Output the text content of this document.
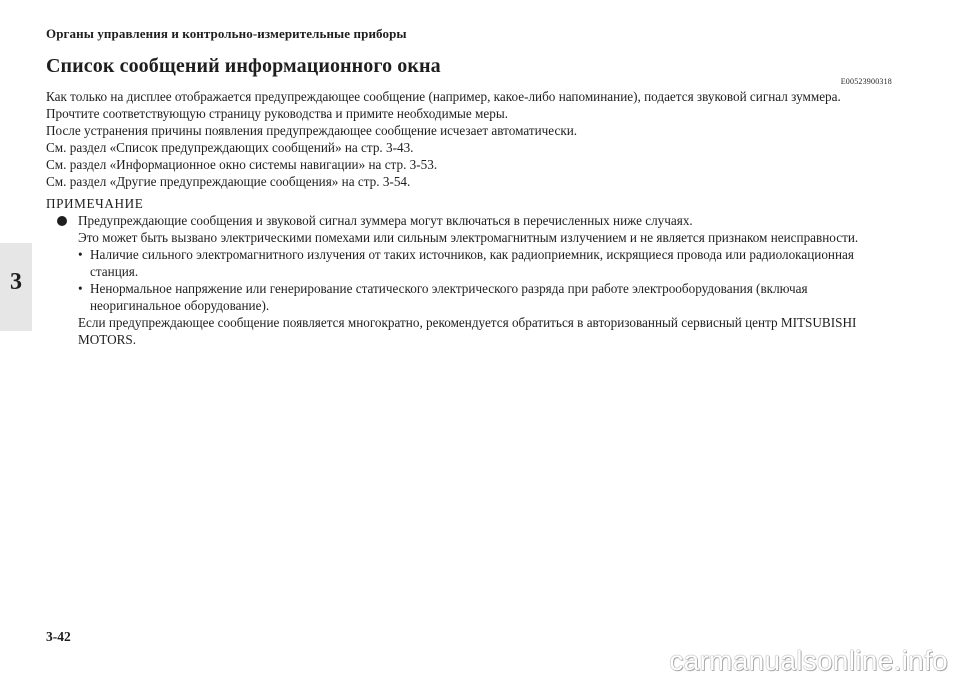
Органы управления и контрольно-измерительные приборы
Список сообщений информационного окна
E00523900318

Как только на дисплее отображается предупреждающее сообщение (например, какое-либо напоминание), подается звуковой сигнал зуммера.

Прочтите соответствующую страницу руководства и примите необходимые меры.

После устранения причины появления предупреждающее сообщение исчезает автоматически.

См. раздел «Список предупреждающих сообщений» на стр. 3-43.

См. раздел «Информационное окно системы навигации» на стр. 3-53.

См. раздел «Другие предупреждающие сообщения» на стр. 3-54.

ПРИМЕЧАНИЕ

Предупреждающие сообщения и звуковой сигнал зуммера могут включаться в перечисленных ниже случаях.

Это может быть вызвано электрическими помехами или сильным электромагнитным излучением и не является признаком неисправности.

• Наличие сильного электромагнитного излучения от таких источников, как радиоприемник, искрящиеся провода или радиолокационная станция.
• Ненормальное напряжение или генерирование статического электрического разряда при работе электрооборудования (включая неоригинальное оборудование).

Если предупреждающее сообщение появляется многократно, рекомендуется обратиться в авторизованный сервисный центр MITSUBISHI MOTORS.

3
3-42
carmanualsonline.info
